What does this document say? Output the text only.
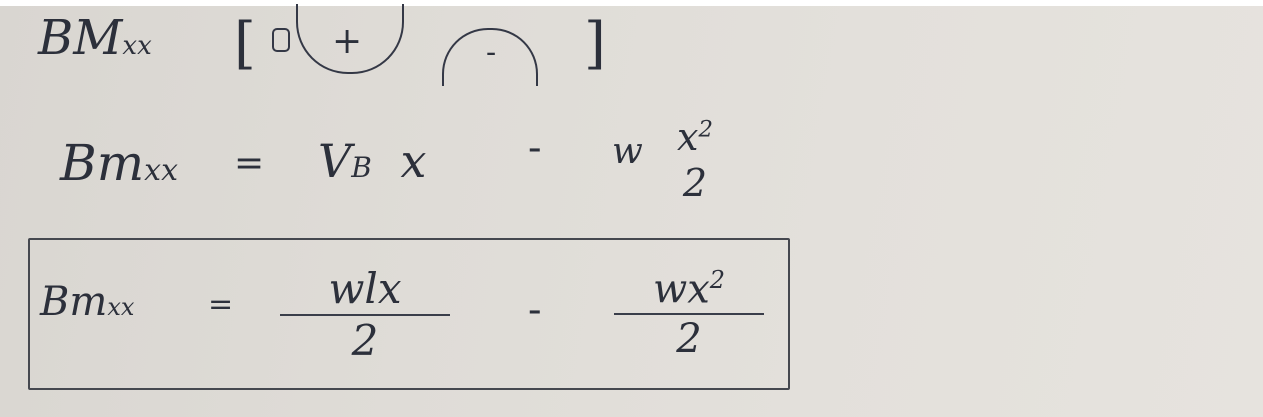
BMxx [ +	- ]
Bmxx = VB x	- w $x^2$
2
Bmxx =	wlx
2
-	$wx^2$
2
